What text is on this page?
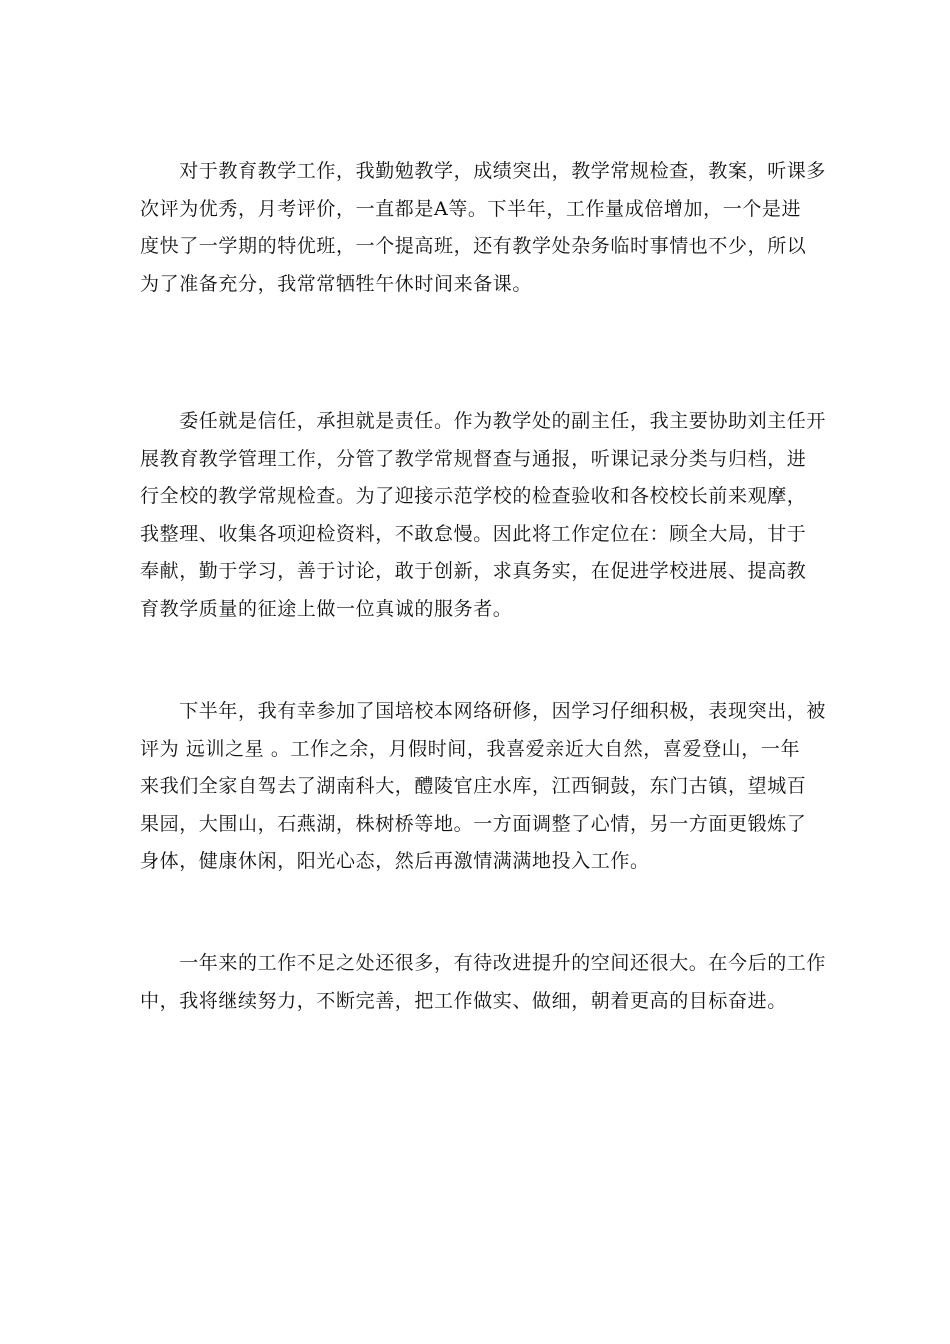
　　对于教育教学工作，我勤勉教学，成绩突出，教学常规检查，教案，听课多
次评为优秀，月考评价，一直都是A等。下半年，工作量成倍增加，一个是进
度快了一学期的特优班，一个提高班，还有教学处杂务临时事情也不少，所以
为了准备充分，我常常牺牲午休时间来备课。

　　委任就是信任，承担就是责任。作为教学处的副主任，我主要协助刘主任开
展教育教学管理工作，分管了教学常规督查与通报，听课记录分类与归档，进
行全校的教学常规检查。为了迎接示范学校的检查验收和各校校长前来观摩，
我整理、收集各项迎检资料，不敢怠慢。因此将工作定位在：顾全大局，甘于
奉献，勤于学习，善于讨论，敢于创新，求真务实，在促进学校进展、提高教
育教学质量的征途上做一位真诚的服务者。

　　下半年，我有幸参加了国培校本网络研修，因学习仔细积极，表现突出，被
评为 远训之星 。工作之余，月假时间，我喜爱亲近大自然，喜爱登山，一年
来我们全家自驾去了湖南科大，醴陵官庄水库，江西铜鼓，东门古镇，望城百
果园，大围山，石燕湖，株树桥等地。一方面调整了心情，另一方面更锻炼了
身体，健康休闲，阳光心态，然后再激情满满地投入工作。

　　一年来的工作不足之处还很多，有待改进提升的空间还很大。在今后的工作
中，我将继续努力，不断完善，把工作做实、做细，朝着更高的目标奋进。
